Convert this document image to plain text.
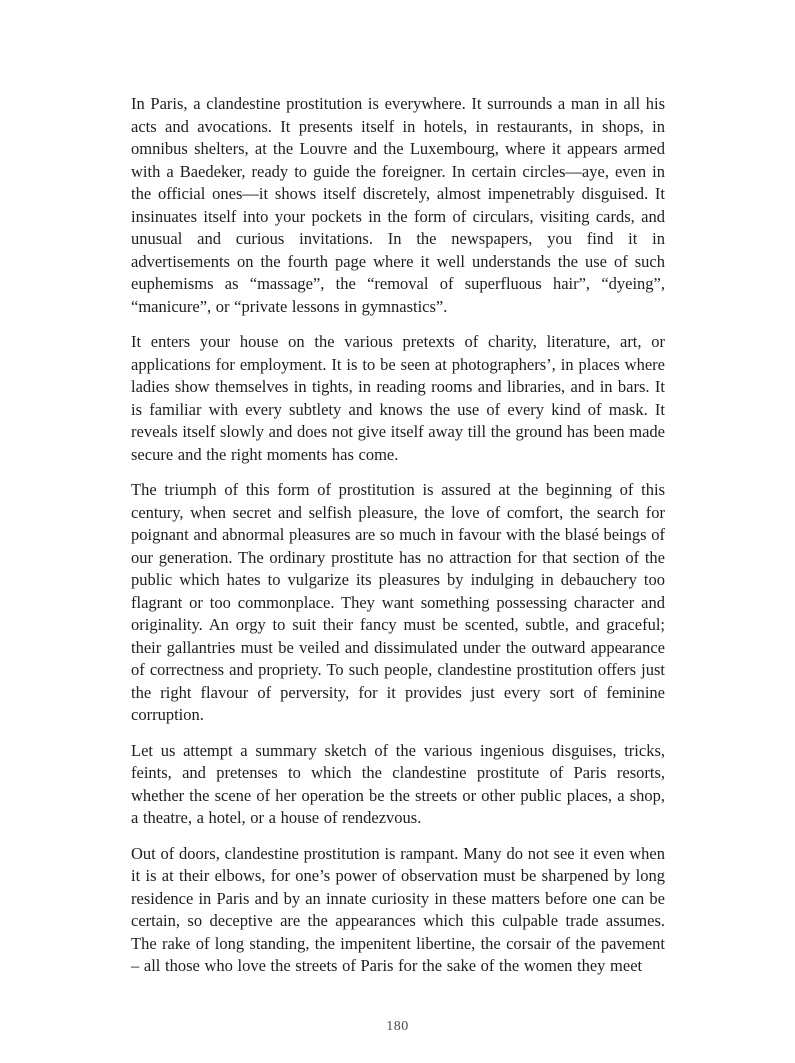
In Paris, a clandestine prostitution is everywhere. It surrounds a man in all his acts and avocations. It presents itself in hotels, in restaurants, in shops, in omnibus shelters, at the Louvre and the Luxembourg, where it appears armed with a Baedeker, ready to guide the foreigner. In certain circles—aye, even in the official ones—it shows itself discretely, almost impenetrably disguised. It insinuates itself into your pockets in the form of circulars, visiting cards, and unusual and curious invitations. In the newspapers, you find it in advertisements on the fourth page where it well understands the use of such euphemisms as “massage”, the “removal of superfluous hair”, “dyeing”, “manicure”, or “private lessons in gymnastics”.

It enters your house on the various pretexts of charity, literature, art, or applications for employment. It is to be seen at photographers’, in places where ladies show themselves in tights, in reading rooms and libraries, and in bars. It is familiar with every subtlety and knows the use of every kind of mask. It reveals itself slowly and does not give itself away till the ground has been made secure and the right moments has come.

The triumph of this form of prostitution is assured at the beginning of this century, when secret and selfish pleasure, the love of comfort, the search for poignant and abnormal pleasures are so much in favour with the blasé beings of our generation. The ordinary prostitute has no attraction for that section of the public which hates to vulgarize its pleasures by indulging in debauchery too flagrant or too commonplace. They want something possessing character and originality. An orgy to suit their fancy must be scented, subtle, and graceful; their gallantries must be veiled and dissimulated under the outward appearance of correctness and propriety. To such people, clandestine prostitution offers just the right flavour of perversity, for it provides just every sort of feminine corruption.

Let us attempt a summary sketch of the various ingenious disguises, tricks, feints, and pretenses to which the clandestine prostitute of Paris resorts, whether the scene of her operation be the streets or other public places, a shop, a theatre, a hotel, or a house of rendezvous.

Out of doors, clandestine prostitution is rampant. Many do not see it even when it is at their elbows, for one’s power of observation must be sharpened by long residence in Paris and by an innate curiosity in these matters before one can be certain, so deceptive are the appearances which this culpable trade assumes. The rake of long standing, the impenitent libertine, the corsair of the pavement – all those who love the streets of Paris for the sake of the women they meet

180
